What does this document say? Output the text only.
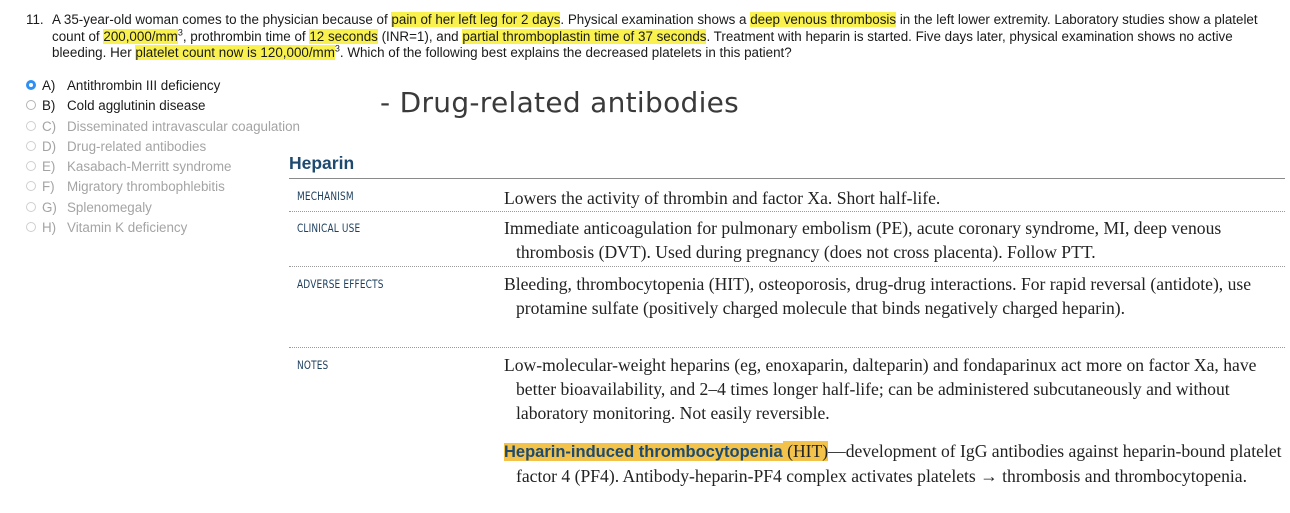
11. A 35-year-old woman comes to the physician because of pain of her left leg for 2 days. Physical examination shows a deep venous thrombosis in the left lower extremity. Laboratory studies show a platelet count of $200,000/mm^3$, prothrombin time of 12 seconds (INR=1), and partial thromboplastin time of 37 seconds. Treatment with heparin is started. Five days later, physical examination shows no active bleeding. Her platelet count now is $120,000/mm^3$. Which of the following best explains the decreased platelets in this patient?
A) Antithrombin III deficiency
B) Cold agglutinin disease
C) Disseminated intravascular coagulation
D) Drug-related antibodies
E) Kasabach-Merritt syndrome
F) Migratory thrombophlebitis
G) Splenomegaly
H) Vitamin K deficiency
- Drug-related antibodies
Heparin
MECHANISM	Lowers the activity of thrombin and factor Xa. Short half-life.
CLINICAL USE	Immediate anticoagulation for pulmonary embolism (PE), acute coronary syndrome, MI, deep venous thrombosis (DVT). Used during pregnancy (does not cross placenta). Follow PTT.
ADVERSE EFFECTS	Bleeding, thrombocytopenia (HIT), osteoporosis, drug-drug interactions. For rapid reversal (antidote), use protamine sulfate (positively charged molecule that binds negatively charged heparin).
NOTES	Low-molecular-weight heparins (eg, enoxaparin, dalteparin) and fondaparinux act more on factor Xa, have better bioavailability, and 2–4 times longer half-life; can be administered subcutaneously and without laboratory monitoring. Not easily reversible.
Heparin-induced thrombocytopenia (HIT)—development of IgG antibodies against heparin-bound platelet factor 4 (PF4). Antibody-heparin-PF4 complex activates platelets → thrombosis and thrombocytopenia.
